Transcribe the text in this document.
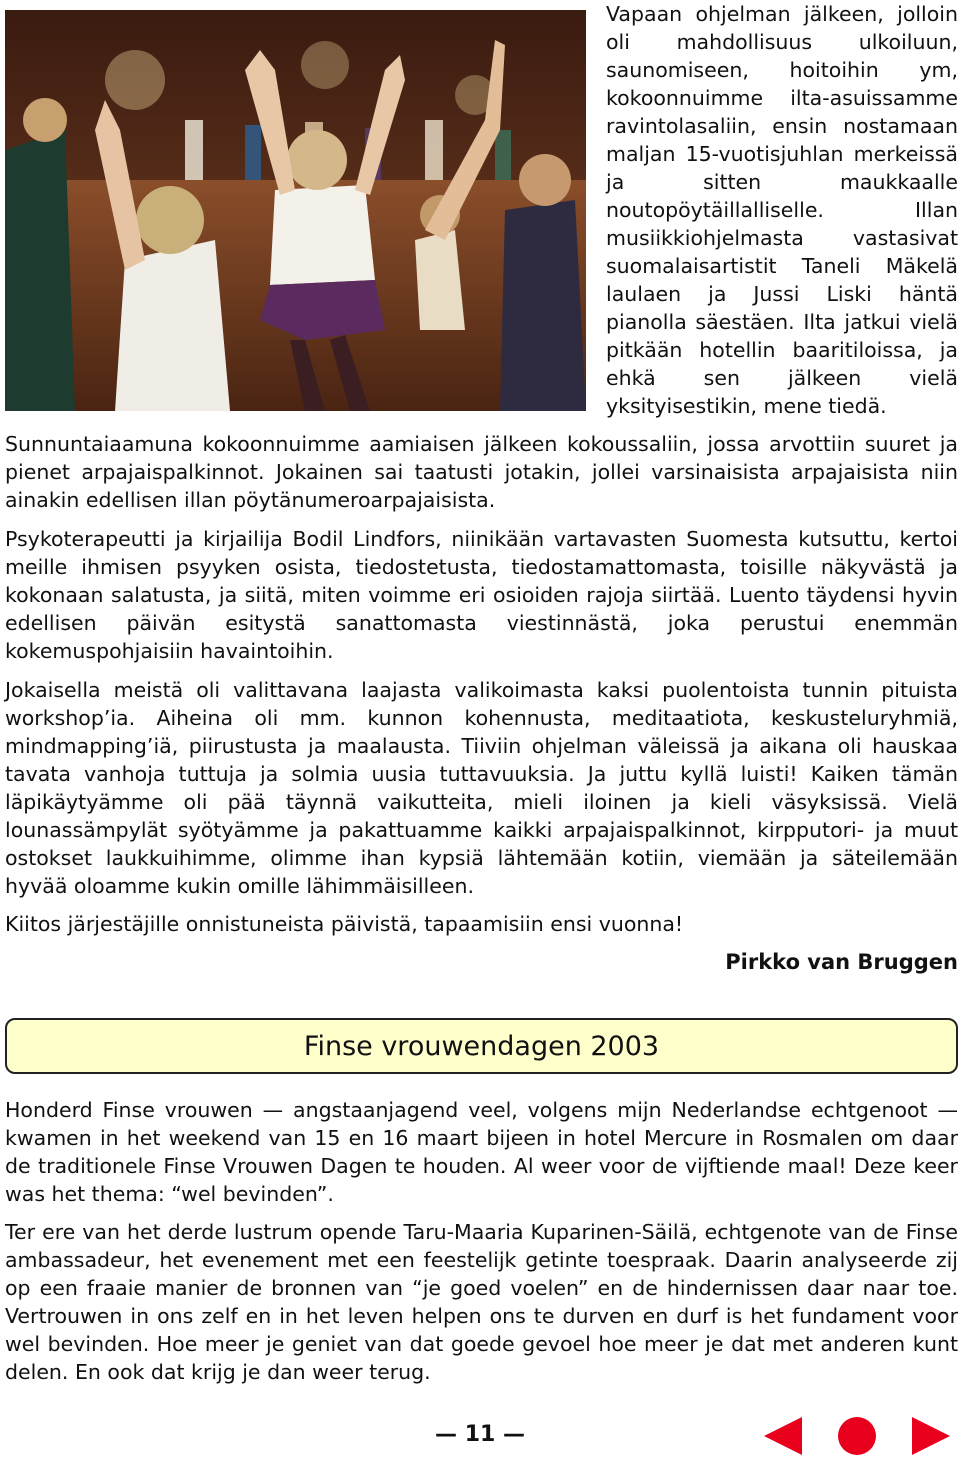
Vapaan ohjelman jälkeen, jolloin oli mahdollisuus ulkoiluun, saunomiseen, hoitoihin ym, kokoonnuimme ilta-asuissamme ravintolasaliin, ensin nostamaan maljan 15-vuotisjuhlan merkeissä ja sitten maukkaalle noutopöytäillalliselle. Illan musiikkiohjelmasta vastasivat suomalaisartistit Taneli Mäkelä laulaen ja Jussi Liski häntä pianolla säestäen. Ilta jatkui vielä pitkään hotellin baaritiloissa, ja ehkä sen jälkeen vielä yksityisestikin, mene tiedä.

Sunnuntaiaamuna kokoonnuimme aamiaisen jälkeen kokoussaliin, jossa arvottiin suuret ja pienet arpajaispalkinnot. Jokainen sai taatusti jotakin, jollei varsinaisista arpajaisista niin ainakin edellisen illan pöytänumeroarpajaisista.

Psykoterapeutti ja kirjailija Bodil Lindfors, niinikään vartavasten Suomesta kutsuttu, kertoi meille ihmisen psyyken osista, tiedostetusta, tiedostamattomasta, toisille näkyvästä ja kokonaan salatusta, ja siitä, miten voimme eri osioiden rajoja siirtää. Luento täydensi hyvin edellisen päivän esitystä sanattomasta viestinnästä, joka perustui enemmän kokemuspohjaisiin havaintoihin.

Jokaisella meistä oli valittavana laajasta valikoimasta kaksi puolentoista tunnin pituista workshop’ia. Aiheina oli mm. kunnon kohennusta, meditaatiota, keskusteluryhmiä, mindmapping’iä, piirustusta ja maalausta. Tiiviin ohjelman väleissä ja aikana oli hauskaa tavata vanhoja tuttuja ja solmia uusia tuttavuuksia. Ja juttu kyllä luisti! Kaiken tämän läpikäytyämme oli pää täynnä vaikutteita, mieli iloinen ja kieli väsyksissä. Vielä lounassämpylät syötyämme ja pakattuamme kaikki arpajaispalkinnot, kirpputori- ja muut ostokset laukkuihimme, olimme ihan kypsiä lähtemään kotiin, viemään ja säteilemään hyvää oloamme kukin omille lähimmäisilleen.

Kiitos järjestäjille onnistuneista päivistä, tapaamisiin ensi vuonna!

Pirkko van Bruggen
Finse vrouwendagen 2003

Honderd Finse vrouwen — angstaanjagend veel, volgens mijn Nederlandse echtgenoot — kwamen in het weekend van 15 en 16 maart bijeen in hotel Mercure in Rosmalen om daar de traditionele Finse Vrouwen Dagen te houden. Al weer voor de vijftiende maal! Deze keer was het thema: “wel bevinden”.

Ter ere van het derde lustrum opende Taru-Maaria Kuparinen-Säilä, echtgenote van de Finse ambassadeur, het evenement met een feestelijk getinte toespraak. Daarin analyseerde zij op een fraaie manier de bronnen van “je goed voelen” en de hindernissen daar naar toe. Vertrouwen in ons zelf en in het leven helpen ons te durven en durf is het fundament voor wel bevinden. Hoe meer je geniet van dat goede gevoel hoe meer je dat met anderen kunt delen. En ook dat krijg je dan weer terug.

— 11 —
